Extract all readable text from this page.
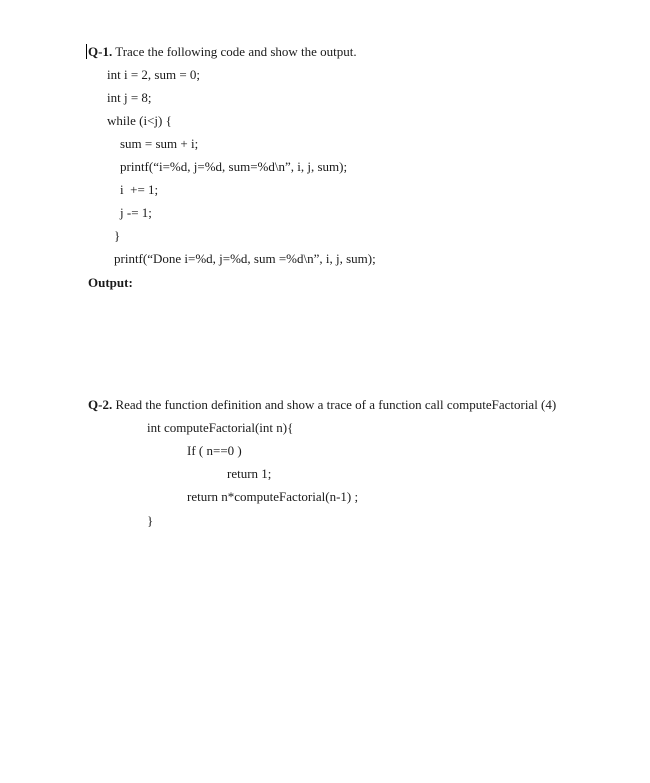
Q-1. Trace the following code and show the output.
int i = 2, sum = 0;
int j = 8;
while (i<j) {
sum = sum + i;
printf(“i=%d, j=%d, sum=%d\n”, i, j, sum);
i  += 1;
j -= 1;
}
printf(“Done i=%d, j=%d, sum =%d\n”, i, j, sum);
Output:
Q-2. Read the function definition and show a trace of a function call computeFactorial (4)
int computeFactorial(int n){
If ( n==0 )
return 1;
return n*computeFactorial(n-1) ;
}
